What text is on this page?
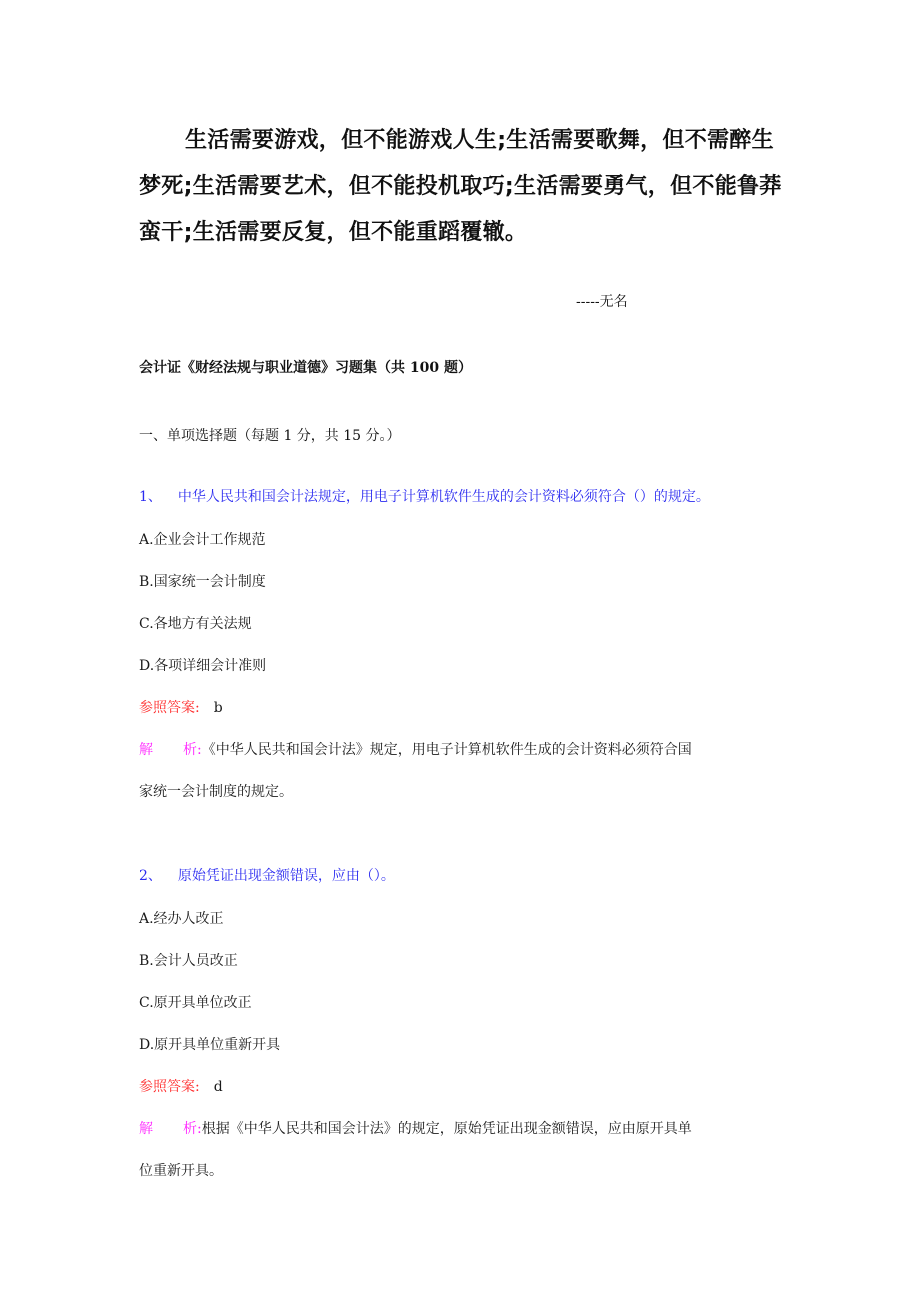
生活需要游戏，但不能游戏人生;生活需要歌舞，但不需醉生梦死;生活需要艺术，但不能投机取巧;生活需要勇气，但不能鲁莽蛮干;生活需要反复，但不能重蹈覆辙。
-----无名
会计证《财经法规与职业道德》习题集（共 100 题）
一、单项选择题（每题 1 分，共 15 分。）
1、 中华人民共和国会计法规定，用电子计算机软件生成的会计资料必须符合（）的规定。
A.企业会计工作规范
B.国家统一会计制度
C.各地方有关法规
D.各项详细会计准则
参照答案: b
解 析:《中华人民共和国会计法》规定，用电子计算机软件生成的会计资料必须符合国
家统一会计制度的规定。
2、 原始凭证出现金额错误，应由（）。
A.经办人改正
B.会计人员改正
C.原开具单位改正
D.原开具单位重新开具
参照答案: d
解 析:根据《中华人民共和国会计法》的规定，原始凭证出现金额错误，应由原开具单
位重新开具。
